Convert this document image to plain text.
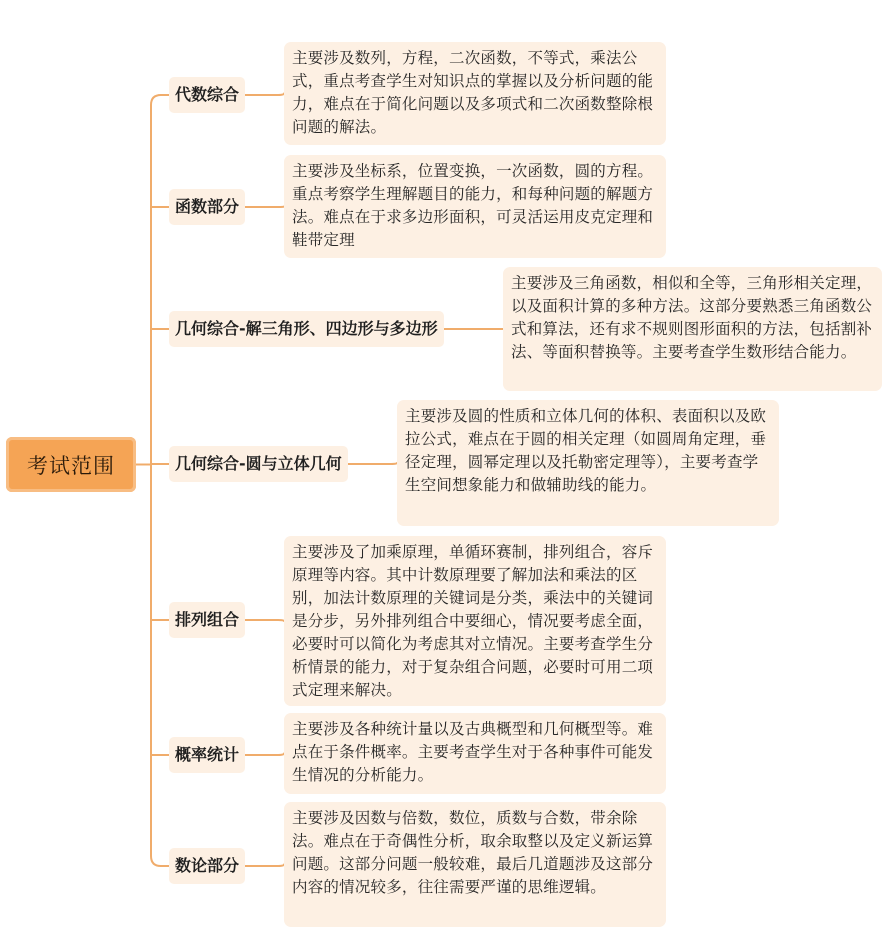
考试范围
代数综合
主要涉及数列，方程，二次函数，不等式，乘法公式，重点考查学生对知识点的掌握以及分析问题的能力，难点在于简化问题以及多项式和二次函数整除根问题的解法。
函数部分
主要涉及坐标系，位置变换，一次函数，圆的方程。重点考察学生理解题目的能力，和每种问题的解题方法。难点在于求多边形面积，可灵活运用皮克定理和鞋带定理
几何综合-解三角形、四边形与多边形
主要涉及三角函数，相似和全等，三角形相关定理，以及面积计算的多种方法。这部分要熟悉三角函数公式和算法，还有求不规则图形面积的方法，包括割补法、等面积替换等。主要考查学生数形结合能力。
几何综合-圆与立体几何
主要涉及圆的性质和立体几何的体积、表面积以及欧拉公式，难点在于圆的相关定理（如圆周角定理，垂径定理，圆幂定理以及托勒密定理等），主要考查学生空间想象能力和做辅助线的能力。
排列组合
主要涉及了加乘原理，单循环赛制，排列组合，容斥原理等内容。其中计数原理要了解加法和乘法的区别，加法计数原理的关键词是分类，乘法中的关键词是分步，另外排列组合中要细心，情况要考虑全面，必要时可以简化为考虑其对立情况。主要考查学生分析情景的能力，对于复杂组合问题，必要时可用二项式定理来解决。
概率统计
主要涉及各种统计量以及古典概型和几何概型等。难点在于条件概率。主要考查学生对于各种事件可能发生情况的分析能力。
数论部分
主要涉及因数与倍数，数位，质数与合数，带余除法。难点在于奇偶性分析，取余取整以及定义新运算问题。这部分问题一般较难，最后几道题涉及这部分内容的情况较多，往往需要严谨的思维逻辑。
